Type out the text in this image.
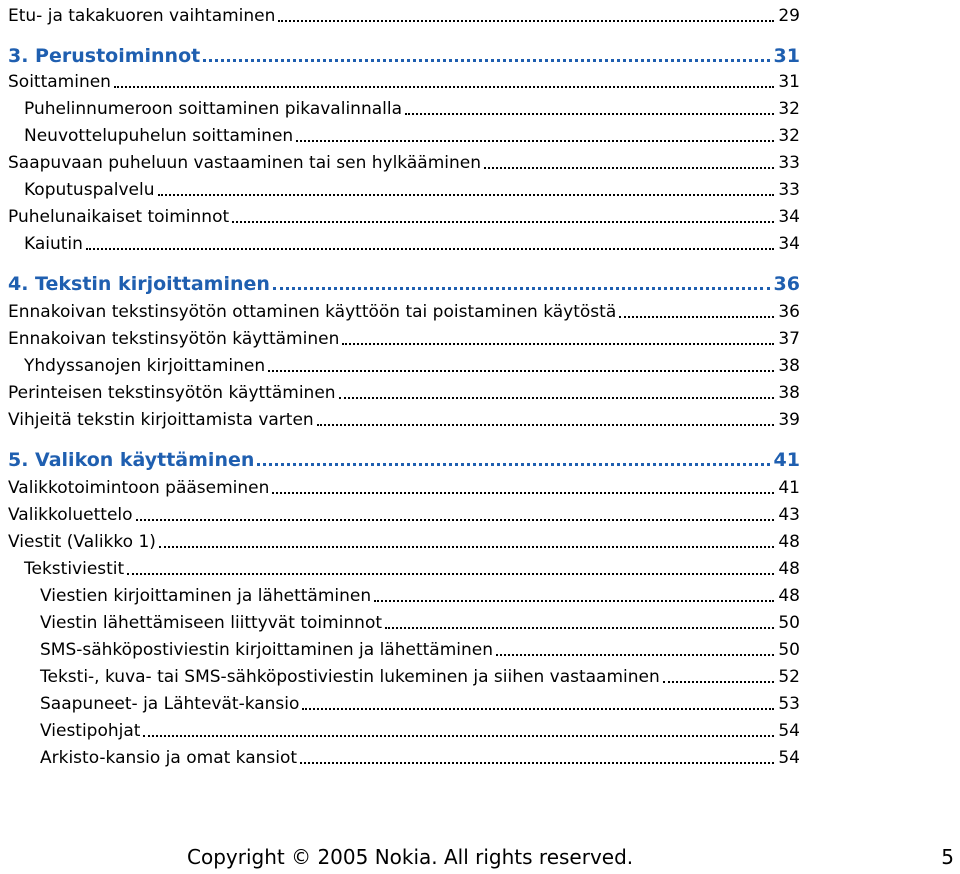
Etu- ja takakuoren vaihtaminen	29
3. Perustoiminnot	31
Soittaminen	31
Puhelinnumeroon soittaminen pikavalinnalla	32
Neuvottelupuhelun soittaminen	32
Saapuvaan puheluun vastaaminen tai sen hylkääminen	33
Koputuspalvelu	33
Puhelunaikaiset toiminnot	34
Kaiutin	34
4. Tekstin kirjoittaminen	36
Ennakoivan tekstinsyötön ottaminen käyttöön tai poistaminen käytöstä	36
Ennakoivan tekstinsyötön käyttäminen	37
Yhdyssanojen kirjoittaminen	38
Perinteisen tekstinsyötön käyttäminen	38
Vihjeitä tekstin kirjoittamista varten	39
5. Valikon käyttäminen	41
Valikkotoimintoon pääseminen	41
Valikkoluettelo	43
Viestit (Valikko 1)	48
Tekstiviestit	48
Viestien kirjoittaminen ja lähettäminen	48
Viestin lähettämiseen liittyvät toiminnot	50
SMS-sähköpostiviestin kirjoittaminen ja lähettäminen	50
Teksti-, kuva- tai SMS-sähköpostiviestin lukeminen ja siihen vastaaminen	52
Saapuneet- ja Lähtevät-kansio	53
Viestipohjat	54
Arkisto-kansio ja omat kansiot	54
Copyright © 2005 Nokia. All rights reserved.	5
